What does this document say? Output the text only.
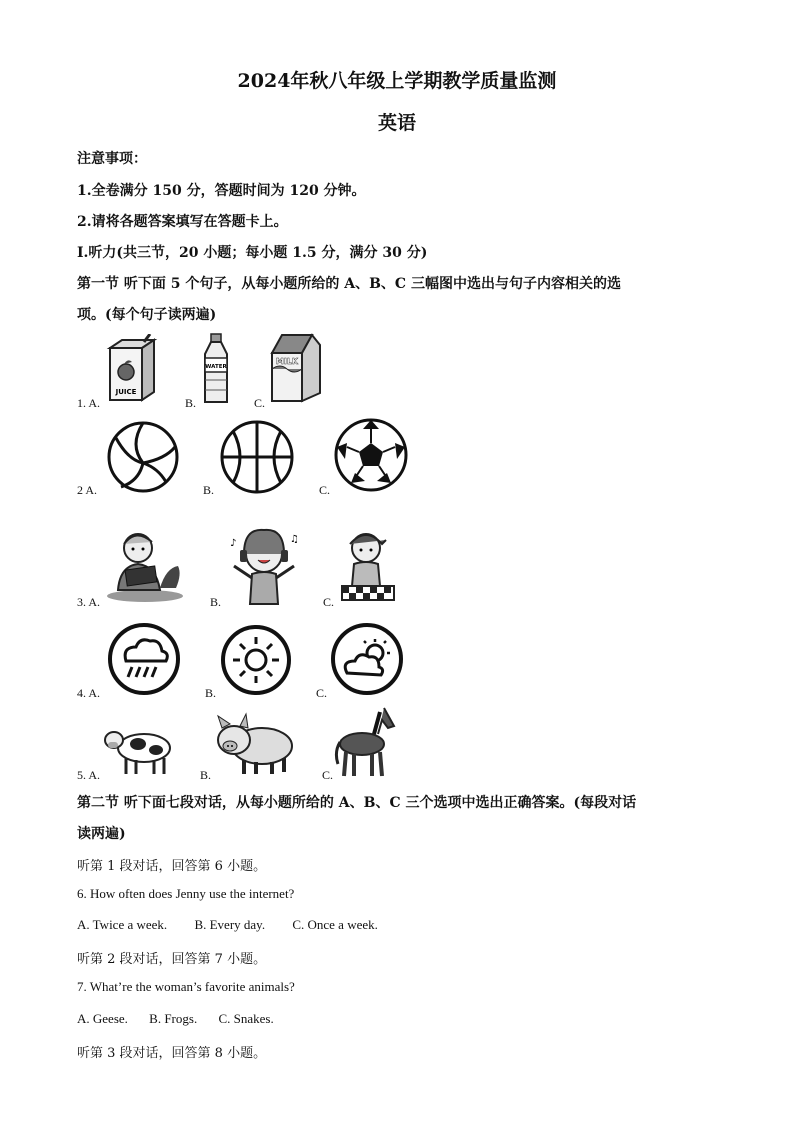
2024年秋八年级上学期教学质量监测
英语
注意事项：
1.全卷满分 150 分，答题时间为 120 分钟。
2.请将各题答案填写在答题卡上。
Ⅰ.听力(共三节，20 小题；每小题 1.5 分，满分 30 分)
第一节 听下面 5 个句子，从每小题所给的 A、B、C 三幅图中选出与句子内容相关的选
项。(每个句子读两遍)
1. A.
JUICE
B.
WATER
C.
MILK
2 A.	B.	C.
3. A.	B.
♪	♫
C.
4. A.	B.	C.
5. A.	B.	C.
第二节 听下面七段对话，从每小题所给的 A、B、C 三个选项中选出正确答案。(每段对话
读两遍)
听第 1 段对话，回答第 6 小题。
6. How often does Jenny use the internet?
A. Twice a week. B. Every day. C. Once a week.
听第 2 段对话，回答第 7 小题。
7. What’re the woman’s favorite animals?
A. Geese. B. Frogs. C. Snakes.
听第 3 段对话，回答第 8 小题。
